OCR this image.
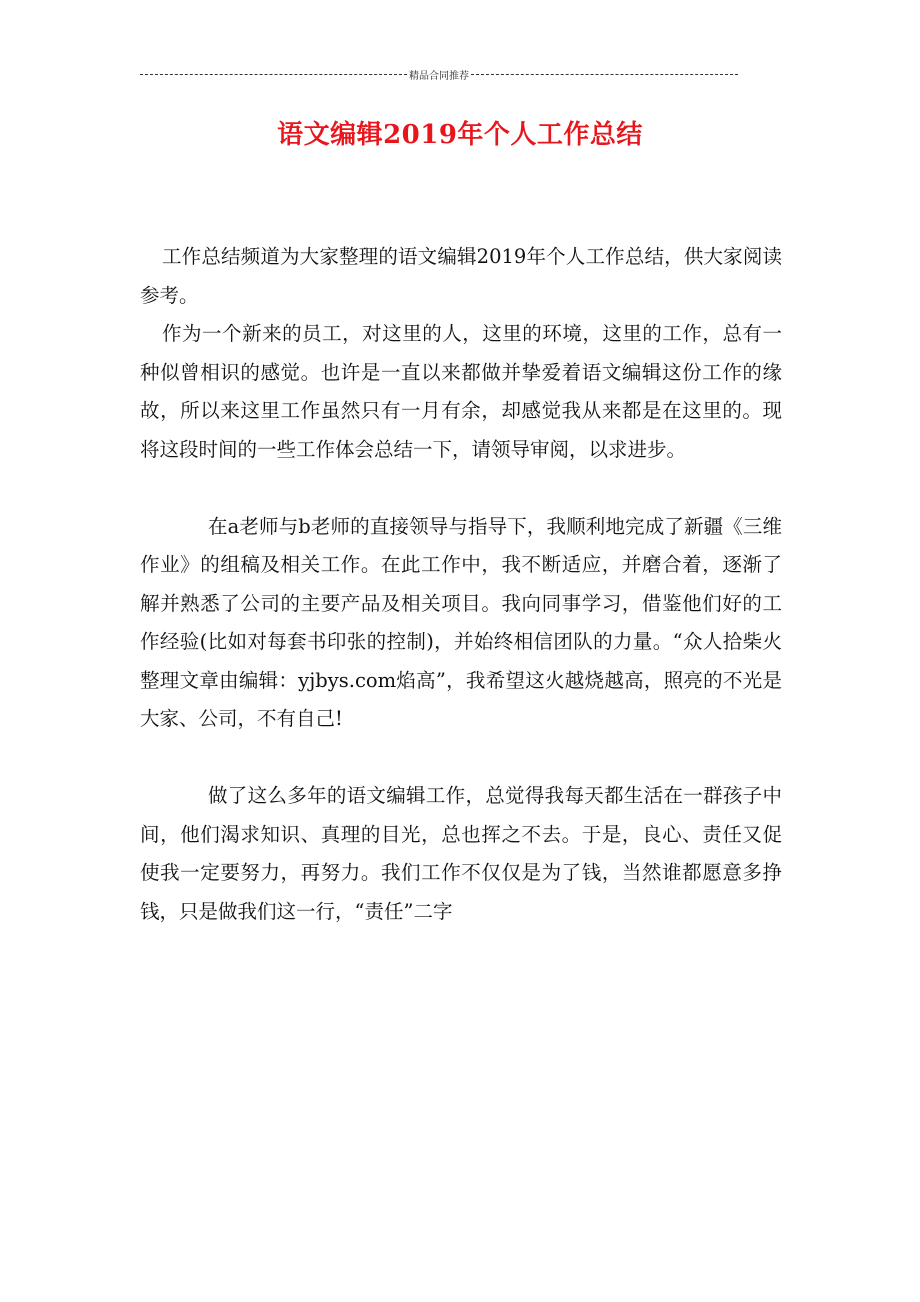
精品合同推荐
语文编辑2019年个人工作总结

工作总结频道为大家整理的语文编辑2019年个人工作总结，供大家阅读参考。

作为一个新来的员工，对这里的人，这里的环境，这里的工作，总有一种似曾相识的感觉。也许是一直以来都做并挚爱着语文编辑这份工作的缘故，所以来这里工作虽然只有一月有余，却感觉我从来都是在这里的。现将这段时间的一些工作体会总结一下，请领导审阅，以求进步。

在a老师与b老师的直接领导与指导下，我顺利地完成了新疆《三维作业》的组稿及相关工作。在此工作中，我不断适应，并磨合着，逐渐了解并熟悉了公司的主要产品及相关项目。我向同事学习，借鉴他们好的工作经验(比如对每套书印张的控制)，并始终相信团队的力量。“众人拾柴火整理文章由编辑：yjbys.com焰高”，我希望这火越烧越高，照亮的不光是大家、公司，不有自己!

做了这么多年的语文编辑工作，总觉得我每天都生活在一群孩子中间，他们渴求知识、真理的目光，总也挥之不去。于是，良心、责任又促使我一定要努力，再努力。我们工作不仅仅是为了钱，当然谁都愿意多挣钱，只是做我们这一行，“责任”二字
